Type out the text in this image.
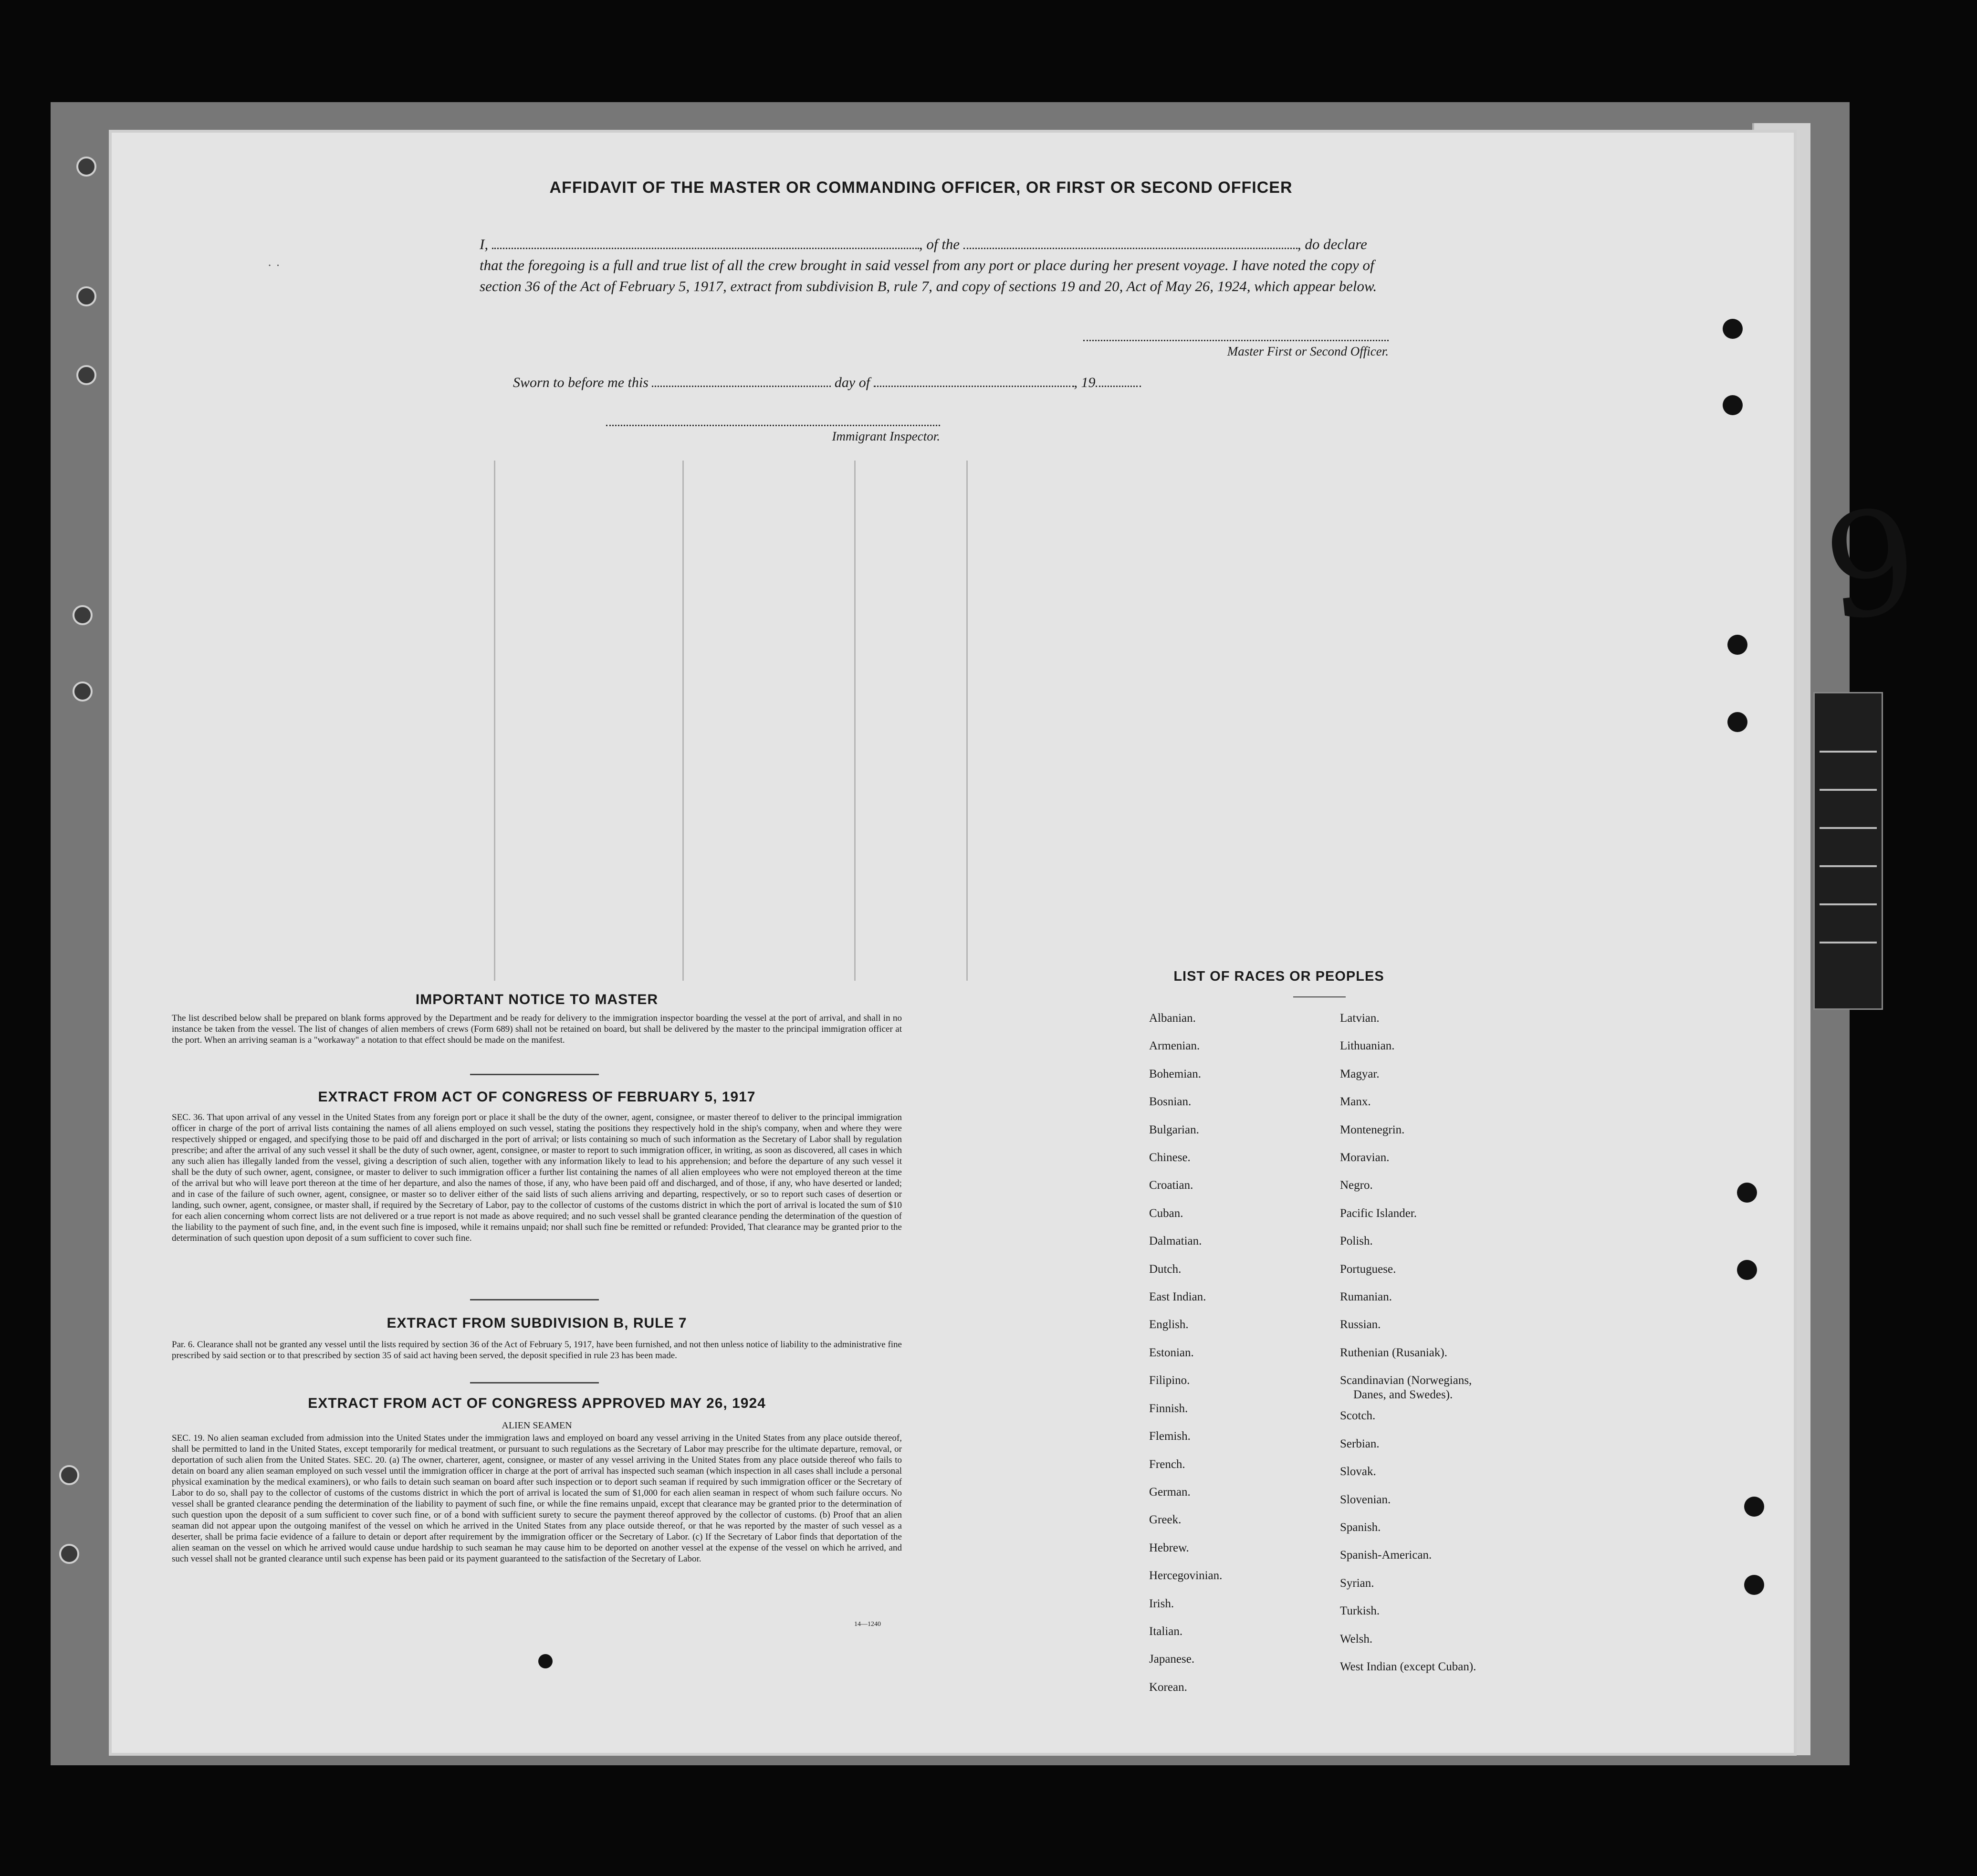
˙ ˙
AFFIDAVIT OF THE MASTER OR COMMANDING OFFICER, OR FIRST OR SECOND OFFICER
I,	, of the	, do declare
that the foregoing is a full and true list of all the crew brought in said vessel from any port or place during her present voyage. I have noted the copy of section 36 of the Act of February 5, 1917, extract from subdivision B, rule 7, and copy of sections 19 and 20, Act of May 26, 1924, which appear below.
Master First or Second Officer.
Sworn to before me this	day of	, 19
Immigrant Inspector.
IMPORTANT NOTICE TO MASTER
The list described below shall be prepared on blank forms approved by the Department and be ready for delivery to the immigration inspector boarding the vessel at the port of arrival, and shall in no instance be taken from the vessel. The list of changes of alien members of crews (Form 689) shall not be retained on board, but shall be delivered by the master to the principal immigration officer at the port. When an arriving seaman is a "workaway" a notation to that effect should be made on the manifest.
EXTRACT FROM ACT OF CONGRESS OF FEBRUARY 5, 1917
SEC. 36. That upon arrival of any vessel in the United States from any foreign port or place it shall be the duty of the owner, agent, consignee, or master thereof to deliver to the principal immigration officer in charge of the port of arrival lists containing the names of all aliens employed on such vessel, stating the positions they respectively hold in the ship's company, when and where they were respectively shipped or engaged, and specifying those to be paid off and discharged in the port of arrival; or lists containing so much of such information as the Secretary of Labor shall by regulation prescribe; and after the arrival of any such vessel it shall be the duty of such owner, agent, consignee, or master to report to such immigration officer, in writing, as soon as discovered, all cases in which any such alien has illegally landed from the vessel, giving a description of such alien, together with any information likely to lead to his apprehension; and before the departure of any such vessel it shall be the duty of such owner, agent, consignee, or master to deliver to such immigration officer a further list containing the names of all alien employees who were not employed thereon at the time of the arrival but who will leave port thereon at the time of her departure, and also the names of those, if any, who have been paid off and discharged, and of those, if any, who have deserted or landed; and in case of the failure of such owner, agent, consignee, or master so to deliver either of the said lists of such aliens arriving and departing, respectively, or so to report such cases of desertion or landing, such owner, agent, consignee, or master shall, if required by the Secretary of Labor, pay to the collector of customs of the customs district in which the port of arrival is located the sum of $10 for each alien concerning whom correct lists are not delivered or a true report is not made as above required; and no such vessel shall be granted clearance pending the determination of the question of the liability to the payment of such fine, and, in the event such fine is imposed, while it remains unpaid; nor shall such fine be remitted or refunded: Provided, That clearance may be granted prior to the determination of such question upon deposit of a sum sufficient to cover such fine.
EXTRACT FROM SUBDIVISION B, RULE 7
Par. 6. Clearance shall not be granted any vessel until the lists required by section 36 of the Act of February 5, 1917, have been furnished, and not then unless notice of liability to the administrative fine prescribed by said section or to that prescribed by section 35 of said act having been served, the deposit specified in rule 23 has been made.
EXTRACT FROM ACT OF CONGRESS APPROVED MAY 26, 1924
ALIEN SEAMEN
SEC. 19. No alien seaman excluded from admission into the United States under the immigration laws and employed on board any vessel arriving in the United States from any place outside thereof, shall be permitted to land in the United States, except temporarily for medical treatment, or pursuant to such regulations as the Secretary of Labor may prescribe for the ultimate departure, removal, or deportation of such alien from the United States. SEC. 20. (a) The owner, charterer, agent, consignee, or master of any vessel arriving in the United States from any place outside thereof who fails to detain on board any alien seaman employed on such vessel until the immigration officer in charge at the port of arrival has inspected such seaman (which inspection in all cases shall include a personal physical examination by the medical examiners), or who fails to detain such seaman on board after such inspection or to deport such seaman if required by such immigration officer or the Secretary of Labor to do so, shall pay to the collector of customs of the customs district in which the port of arrival is located the sum of $1,000 for each alien seaman in respect of whom such failure occurs. No vessel shall be granted clearance pending the determination of the liability to payment of such fine, or while the fine remains unpaid, except that clearance may be granted prior to the determination of such question upon the deposit of a sum sufficient to cover such fine, or of a bond with sufficient surety to secure the payment thereof approved by the collector of customs. (b) Proof that an alien seaman did not appear upon the outgoing manifest of the vessel on which he arrived in the United States from any place outside thereof, or that he was reported by the master of such vessel as a deserter, shall be prima facie evidence of a failure to detain or deport after requirement by the immigration officer or the Secretary of Labor. (c) If the Secretary of Labor finds that deportation of the alien seaman on the vessel on which he arrived would cause undue hardship to such seaman he may cause him to be deported on another vessel at the expense of the vessel on which he arrived, and such vessel shall not be granted clearance until such expense has been paid or its payment guaranteed to the satisfaction of the Secretary of Labor.
14—1240
LIST OF RACES OR PEOPLES
Albanian.
Armenian.
Bohemian.
Bosnian.
Bulgarian.
Chinese.
Croatian.
Cuban.
Dalmatian.
Dutch.
East Indian.
English.
Estonian.
Filipino.
Finnish.
Flemish.
French.
German.
Greek.
Hebrew.
Hercegovinian.
Irish.
Italian.
Japanese.
Korean.
Latvian.
Lithuanian.
Magyar.
Manx.
Montenegrin.
Moravian.
Negro.
Pacific Islander.
Polish.
Portuguese.
Rumanian.
Russian.
Ruthenian (Rusaniak).
Scandinavian (Norwegians,
Danes, and Swedes).
Scotch.
Serbian.
Slovak.
Slovenian.
Spanish.
Spanish-American.
Syrian.
Turkish.
Welsh.
West Indian (except Cuban).
9
